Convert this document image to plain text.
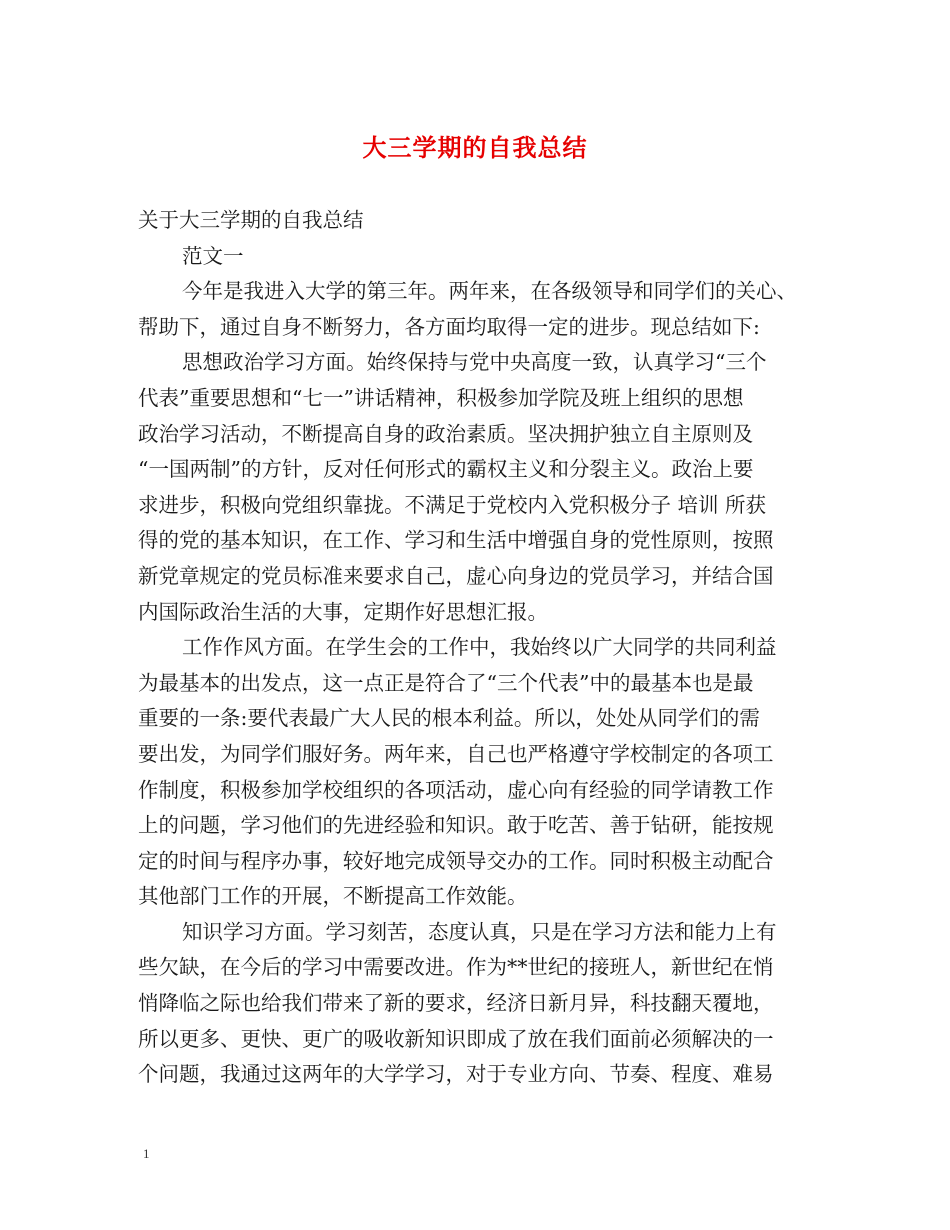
大三学期的自我总结
关于大三学期的自我总结
范文一
今年是我进入大学的第三年。两年来，在各级领导和同学们的关心、
帮助下，通过自身不断努力，各方面均取得一定的进步。现总结如下:
思想政治学习方面。始终保持与党中央高度一致，认真学习“三个
代表”重要思想和“七一”讲话精神，积极参加学院及班上组织的思想
政治学习活动，不断提高自身的政治素质。坚决拥护独立自主原则及
“一国两制”的方针，反对任何形式的霸权主义和分裂主义。政治上要
求进步，积极向党组织靠拢。不满足于党校内入党积极分子 培训 所获
得的党的基本知识，在工作、学习和生活中增强自身的党性原则，按照
新党章规定的党员标准来要求自己，虚心向身边的党员学习，并结合国
内国际政治生活的大事，定期作好思想汇报。
工作作风方面。在学生会的工作中，我始终以广大同学的共同利益
为最基本的出发点，这一点正是符合了“三个代表”中的最基本也是最
重要的一条:要代表最广大人民的根本利益。所以，处处从同学们的需
要出发，为同学们服好务。两年来，自己也严格遵守学校制定的各项工
作制度，积极参加学校组织的各项活动，虚心向有经验的同学请教工作
上的问题，学习他们的先进经验和知识。敢于吃苦、善于钻研，能按规
定的时间与程序办事，较好地完成领导交办的工作。同时积极主动配合
其他部门工作的开展，不断提高工作效能。
知识学习方面。学习刻苦，态度认真，只是在学习方法和能力上有
些欠缺，在今后的学习中需要改进。作为**世纪的接班人，新世纪在悄
悄降临之际也给我们带来了新的要求，经济日新月异，科技翻天覆地，
所以更多、更快、更广的吸收新知识即成了放在我们面前必须解决的一
个问题，我通过这两年的大学学习，对于专业方向、节奏、程度、难易
1
